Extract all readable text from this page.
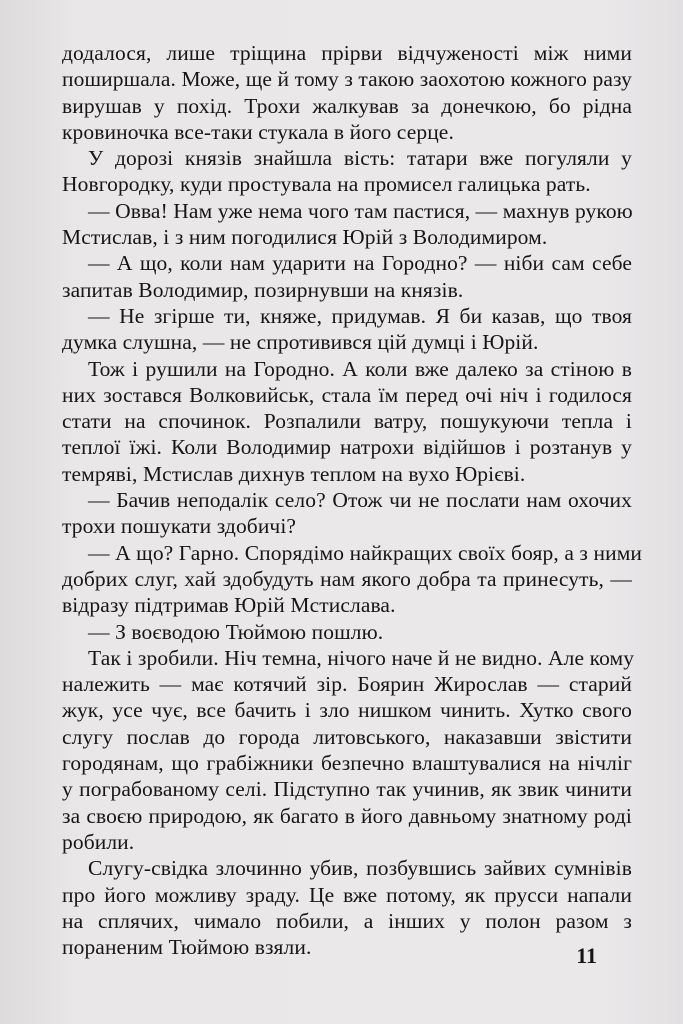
додалося, лише тріщина прірви відчуженості між ними
поширшала. Може, ще й тому з такою заохотою кожного разу
вирушав у похід. Трохи жалкував за донечкою, бо рідна
кровиночка все-таки стукала в його серце.
У дорозі князів знайшла вість: татари вже погуляли у
Новгородку, куди простувала на промисел галицька рать.
— Овва! Нам уже нема чого там пастися, — махнув рукою
Мстислав, і з ним погодилися Юрій з Володимиром.
— А що, коли нам ударити на Городно? — ніби сам себе
запитав Володимир, позирнувши на князів.
— Не згірше ти, княже, придумав. Я би казав, що твоя
думка слушна, — не спротивився цій думці і Юрій.
Тож і рушили на Городно. А коли вже далеко за стіною в
них зостався Волковийськ, стала їм перед очі ніч і годилося
стати на спочинок. Розпалили ватру, пошукуючи тепла і
теплої їжі. Коли Володимир натрохи відійшов і розтанув у
темряві, Мстислав дихнув теплом на вухо Юрієві.
— Бачив неподалік село? Отож чи не послати нам охочих
трохи пошукати здобичі?
— А що? Гарно. Спорядімо найкращих своїх бояр, а з ними
добрих слуг, хай здобудуть нам якого добра та принесуть, —
відразу підтримав Юрій Мстислава.
— З воєводою Тюймою пошлю.
Так і зробили. Ніч темна, нічого наче й не видно. Але кому
належить — має котячий зір. Боярин Жирослав — старий
жук, усе чує, все бачить і зло нишком чинить. Хутко свого
слугу послав до города литовського, наказавши звістити
городянам, що грабіжники безпечно влаштувалися на нічліг
у пограбованому селі. Підступно так учинив, як звик чинити
за своєю природою, як багато в його давньому знатному роді
робили.
Слугу-свідка злочинно убив, позбувшись зайвих сумнівів
про його можливу зраду. Це вже потому, як прусси напали
на сплячих, чимало побили, а інших у полон разом з
пораненим Тюймою взяли.	11
